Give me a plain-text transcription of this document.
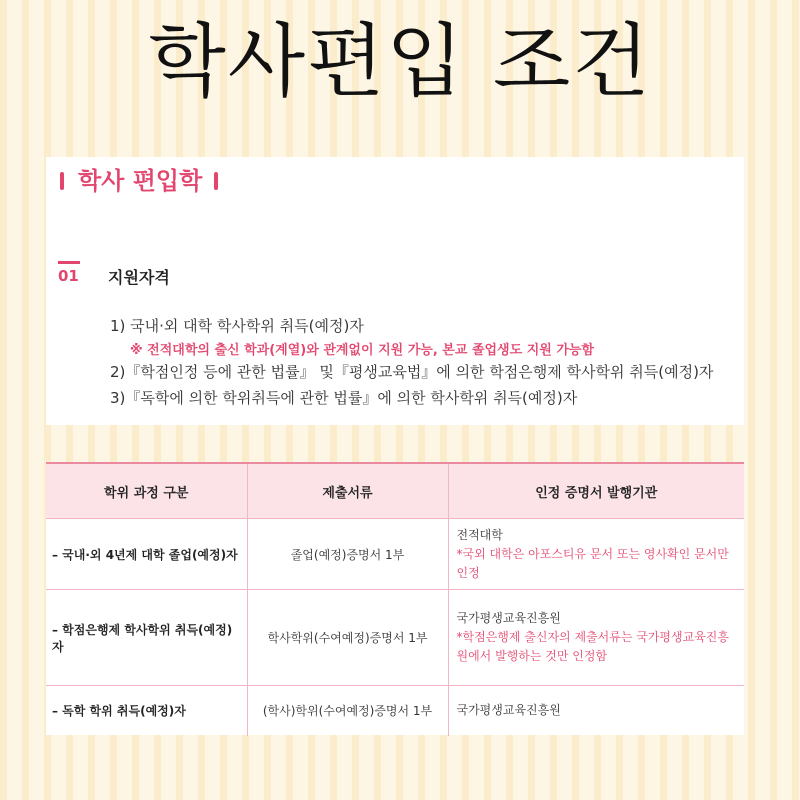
학사편입 조건
학사 편입학
01 지원자격
1) 국내·외 대학 학사학위 취득(예정)자
※ 전적대학의 출신 학과(계열)와 관계없이 지원 가능, 본교 졸업생도 지원 가능함
2)『학점인정 등에 관한 법률』 및『평생교육법』에 의한 학점은행제 학사학위 취득(예정)자
3)『독학에 의한 학위취득에 관한 법률』에 의한 학사학위 취득(예정)자
학위 과정 구분	제출서류	인정 증명서 발행기관
– 국내·외 4년제 대학 졸업(예정)자	졸업(예정)증명서 1부	전적대학
*국외 대학은 아포스티유 문서 또는 영사확인 문서만 인정

– 학점은행제 학사학위 취득(예정)자	학사학위(수여예정)증명서 1부	국가평생교육진흥원
*학점은행제 출신자의 제출서류는 국가평생교육진흥원에서 발행하는 것만 인정함

– 독학 학위 취득(예정)자	(학사)학위(수여예정)증명서 1부	국가평생교육진흥원
